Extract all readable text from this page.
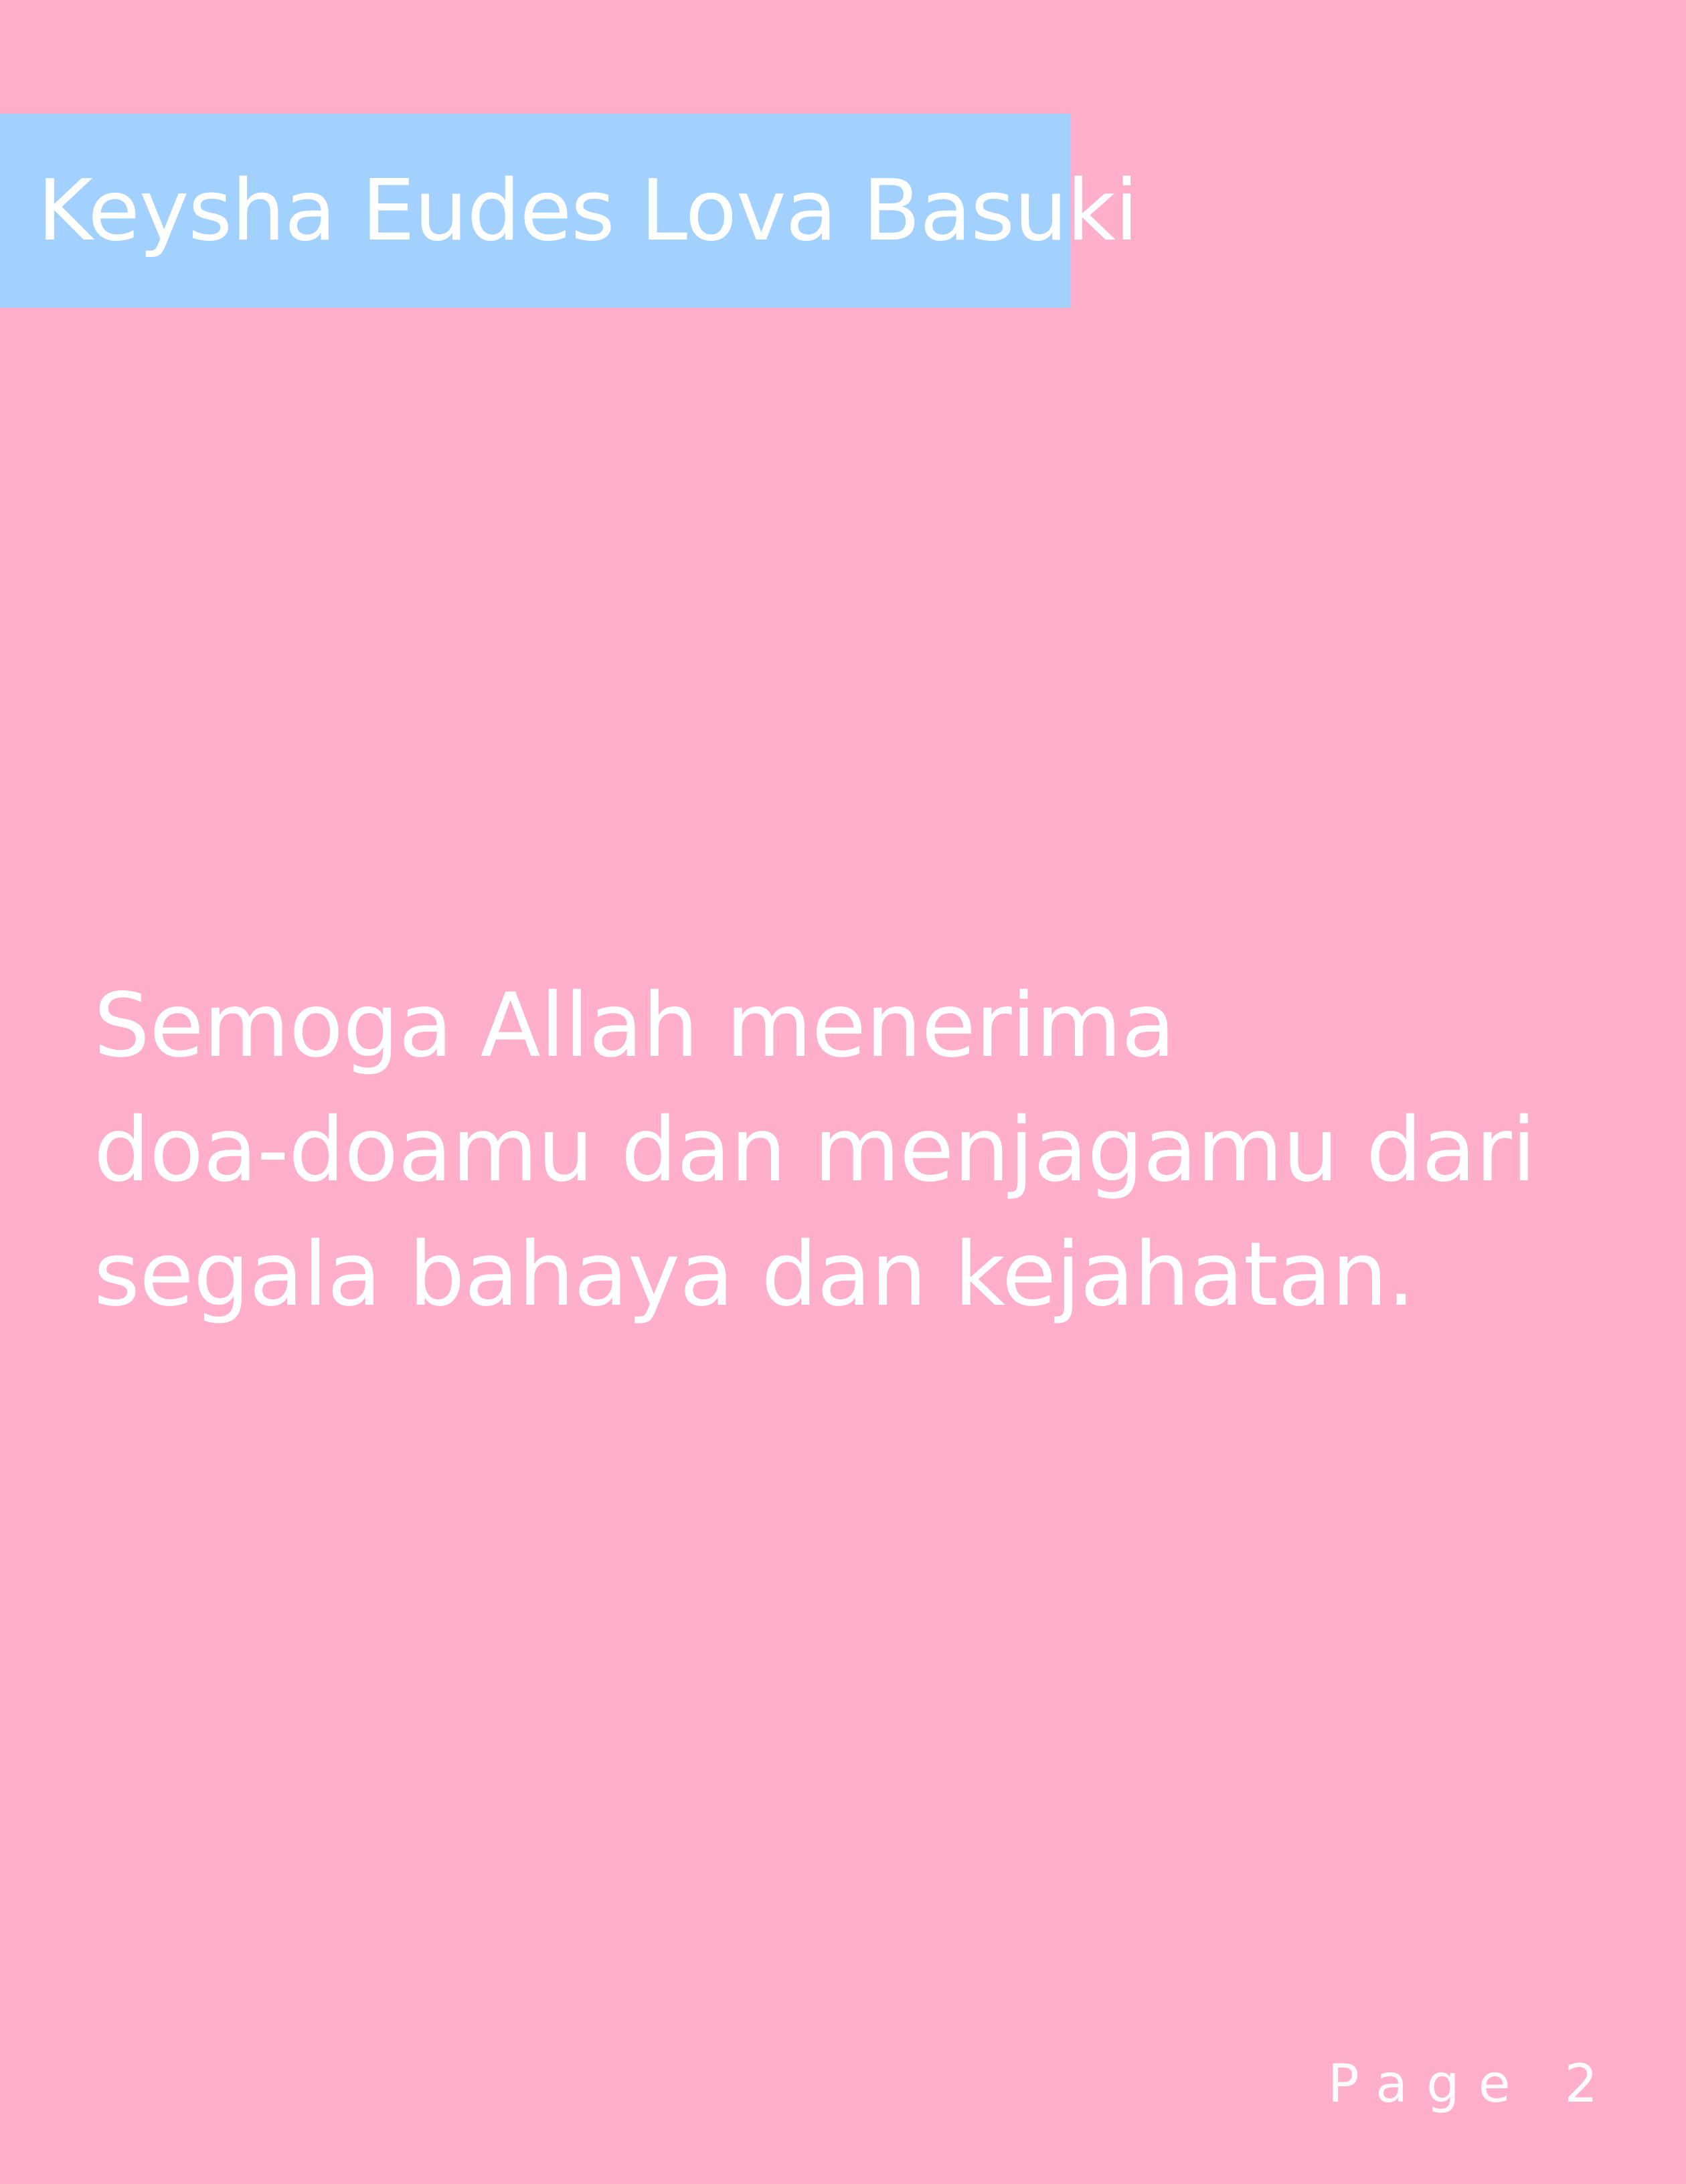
Keysha Eudes Lova Basuki
Semoga Allah menerima
doa-doamu dan menjagamu dari
segala bahaya dan kejahatan.
Page 2
